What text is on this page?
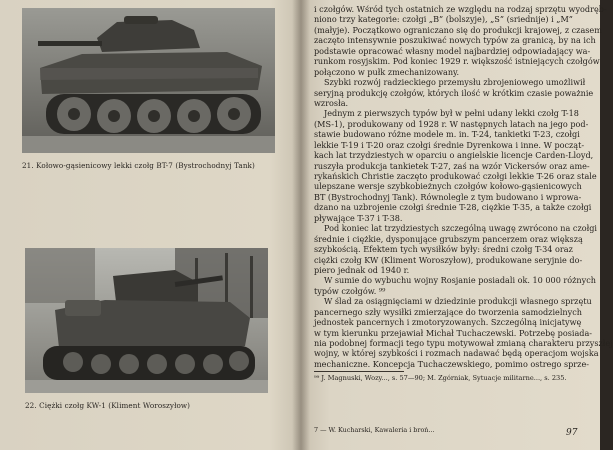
21. Kołowo-gąsienicowy lekki czołg BT-7 (Bystrochodnyj Tank)
22. Ciężki czołg KW-1 (Kliment Woroszyłow)
i czołgów. Wśród tych ostatnich ze względu na rodzaj sprzętu wyodręb-
niono trzy kategorie: czołgi „B” (bolszyje), „S” (sriednije) i „M”
(małyje). Początkowo ograniczano się do produkcji krajowej, z czasem
zaczęto intensywnie poszukiwać nowych typów za granicą, by na ich
podstawie opracować własny model najbardziej odpowiadający wa-
runkom rosyjskim. Pod koniec 1929 r. większość istniejących czołgów
połączono w pułk zmechanizowany.
Szybki rozwój radzieckiego przemysłu zbrojeniowego umożliwił
seryjną produkcję czołgów, których ilość w krótkim czasie poważnie
wzrosła.
Jednym z pierwszych typów był w pełni udany lekki czołg T-18
(MS-1), produkowany od 1928 r. W następnych latach na jego pod-
stawie budowano różne modele m. in. T-24, tankietki T-23, czołgi
lekkie T-19 i T-20 oraz czołgi średnie Dyrenkowa i inne. W począt-
kach lat trzydziestych w oparciu o angielskie licencje Carden-Lloyd,
ruszyła produkcja tankietek T-27, zaś na wzór Vickersów oraz ame-
rykańskich Christie zaczęto produkować czołgi lekkie T-26 oraz stale
ulepszane wersje szybkobieżnych czołgów kołowo-gąsienicowych
BT (Bystrochodnyj Tank). Równolegle z tym budowano i wprowa-
dzano na uzbrojenie czołgi średnie T-28, ciężkie T-35, a także czołgi
pływające T-37 i T-38.
Pod koniec lat trzydziestych szczególną uwagę zwrócono na czołgi
średnie i ciężkie, dysponujące grubszym pancerzem oraz większą
szybkością. Efektem tych wysiłków były: średni czołg T-34 oraz
ciężki czołg KW (Kliment Woroszyłow), produkowane seryjnie do-
piero jednak od 1940 r.
W sumie do wybuchu wojny Rosjanie posiadali ok. 10 000 różnych
typów czołgów. ⁹⁹
W ślad za osiągnięciami w dziedzinie produkcji własnego sprzętu
pancernego szły wysiłki zmierzające do tworzenia samodzielnych
jednostek pancernych i zmotoryzowanych. Szczególną inicjatywę
w tym kierunku przejawiał Michał Tuchaczewski. Potrzebę posiada-
nia podobnej formacji tego typu motywował zmianą charakteru przyszłej
wojny, w której szybkości i rozmach nadawać będą operacjom wojska
mechaniczne. Koncepcja Tuchaczewskiego, pomimo ostrego sprze-
⁹⁹ J. Magnuski, Wozy..., s. 57—90; M. Zgórniak, Sytuacje militarne..., s. 235.
7 — W. Kucharski, Kawaleria i broń...	97
